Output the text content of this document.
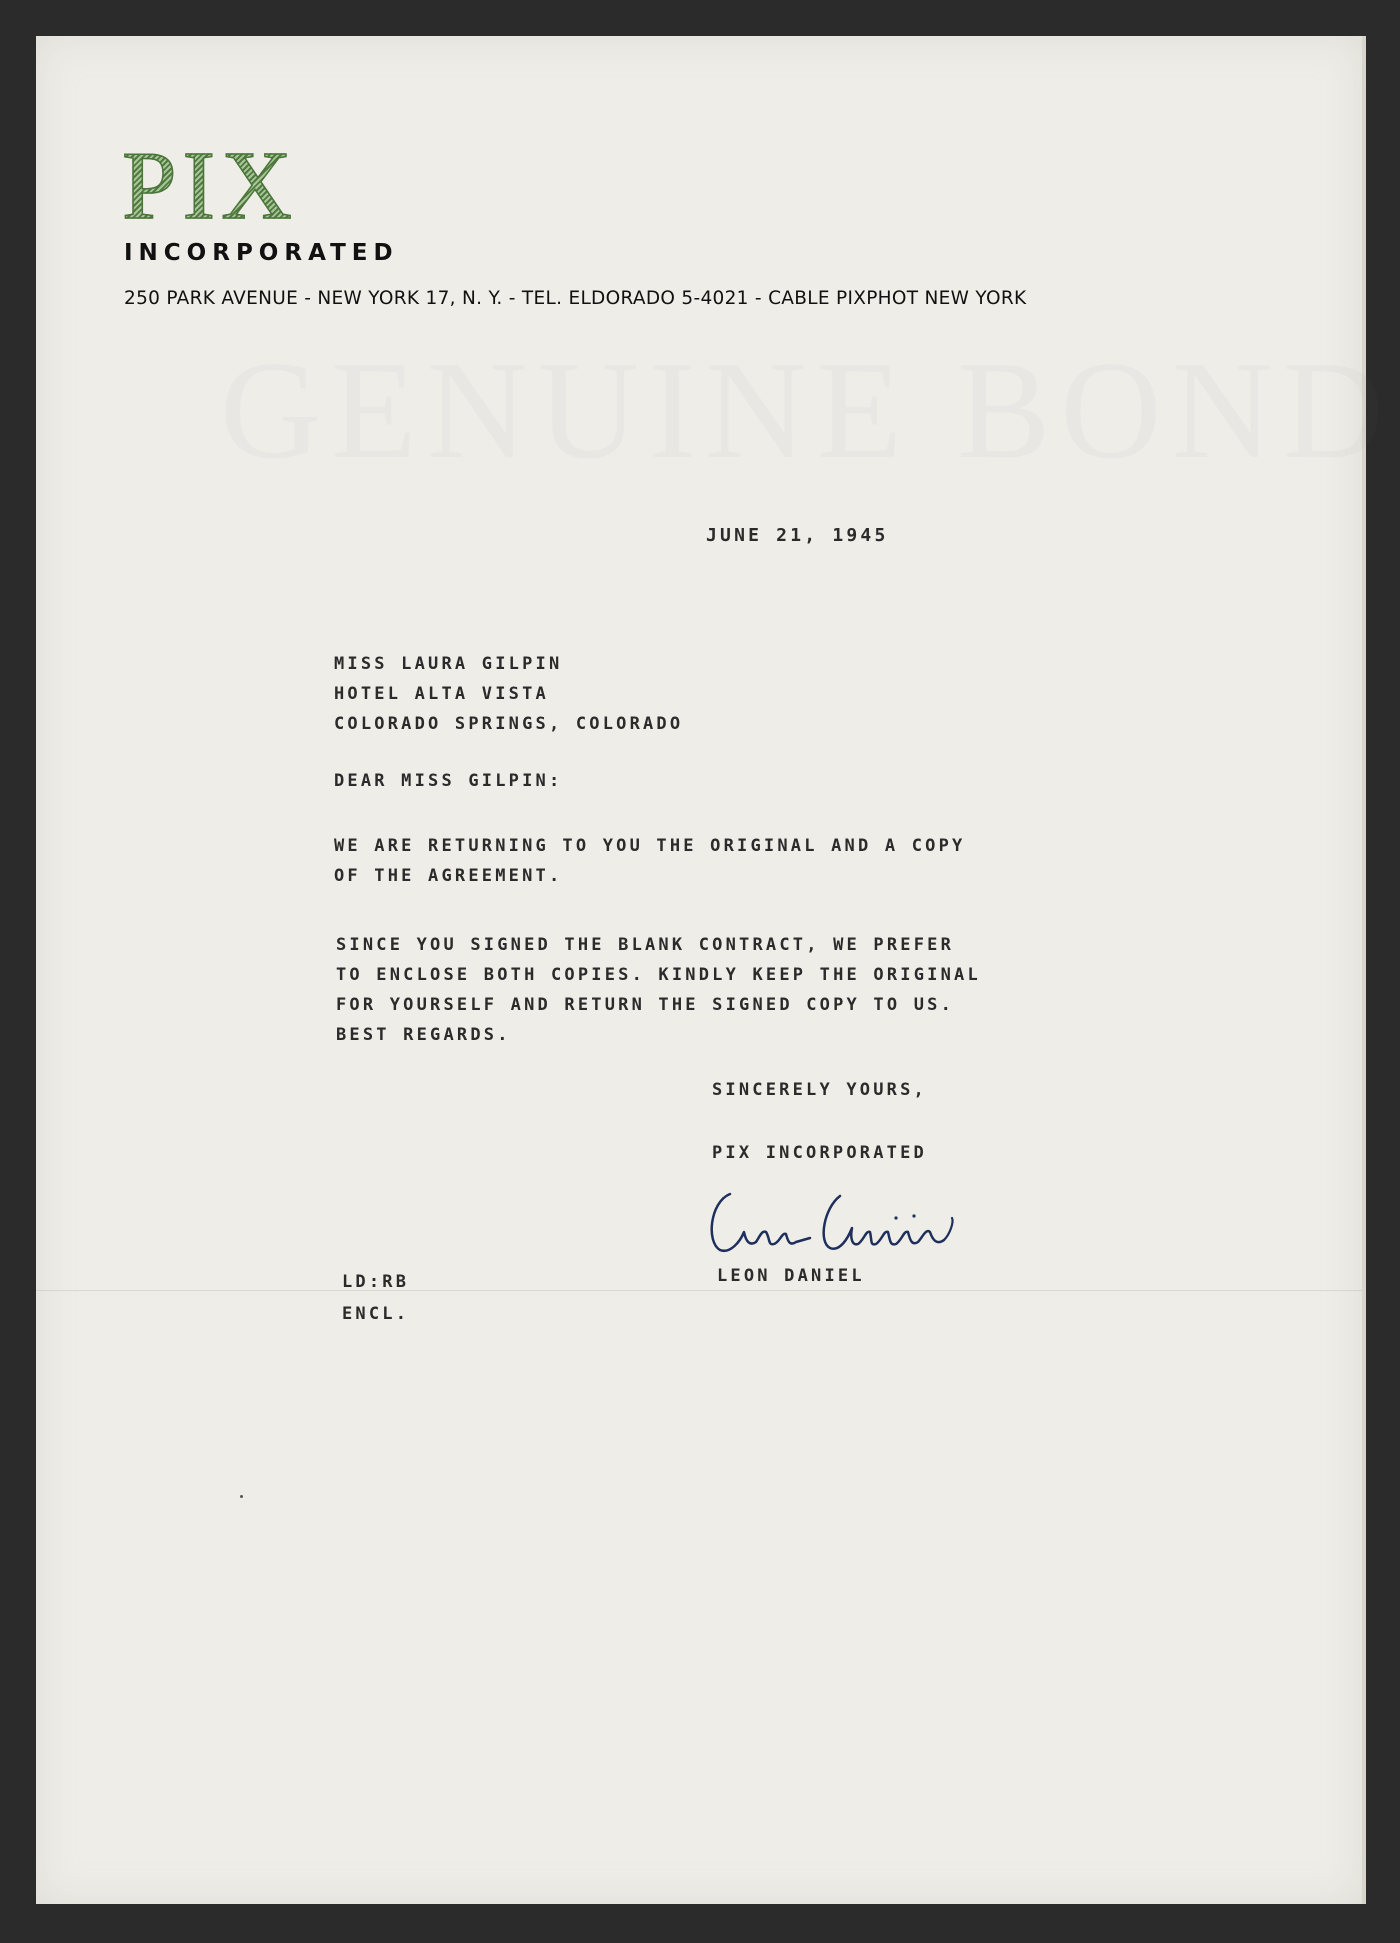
PIX
INCORPORATED
250 PARK AVENUE - NEW YORK 17, N. Y. - TEL. ELDORADO 5-4021 - CABLE PIXPHOT NEW YORK
JUNE 21, 1945
MISS LAURA GILPIN
HOTEL ALTA VISTA
COLORADO SPRINGS, COLORADO
DEAR MISS GILPIN:
WE ARE RETURNING TO YOU THE ORIGINAL AND A COPY
OF THE AGREEMENT.
SINCE YOU SIGNED THE BLANK CONTRACT, WE PREFER
TO ENCLOSE BOTH COPIES. KINDLY KEEP THE ORIGINAL
FOR YOURSELF AND RETURN THE SIGNED COPY TO US.
BEST REGARDS.
SINCERELY YOURS,
PIX INCORPORATED
LEON DANIEL
LD:RB
ENCL.
